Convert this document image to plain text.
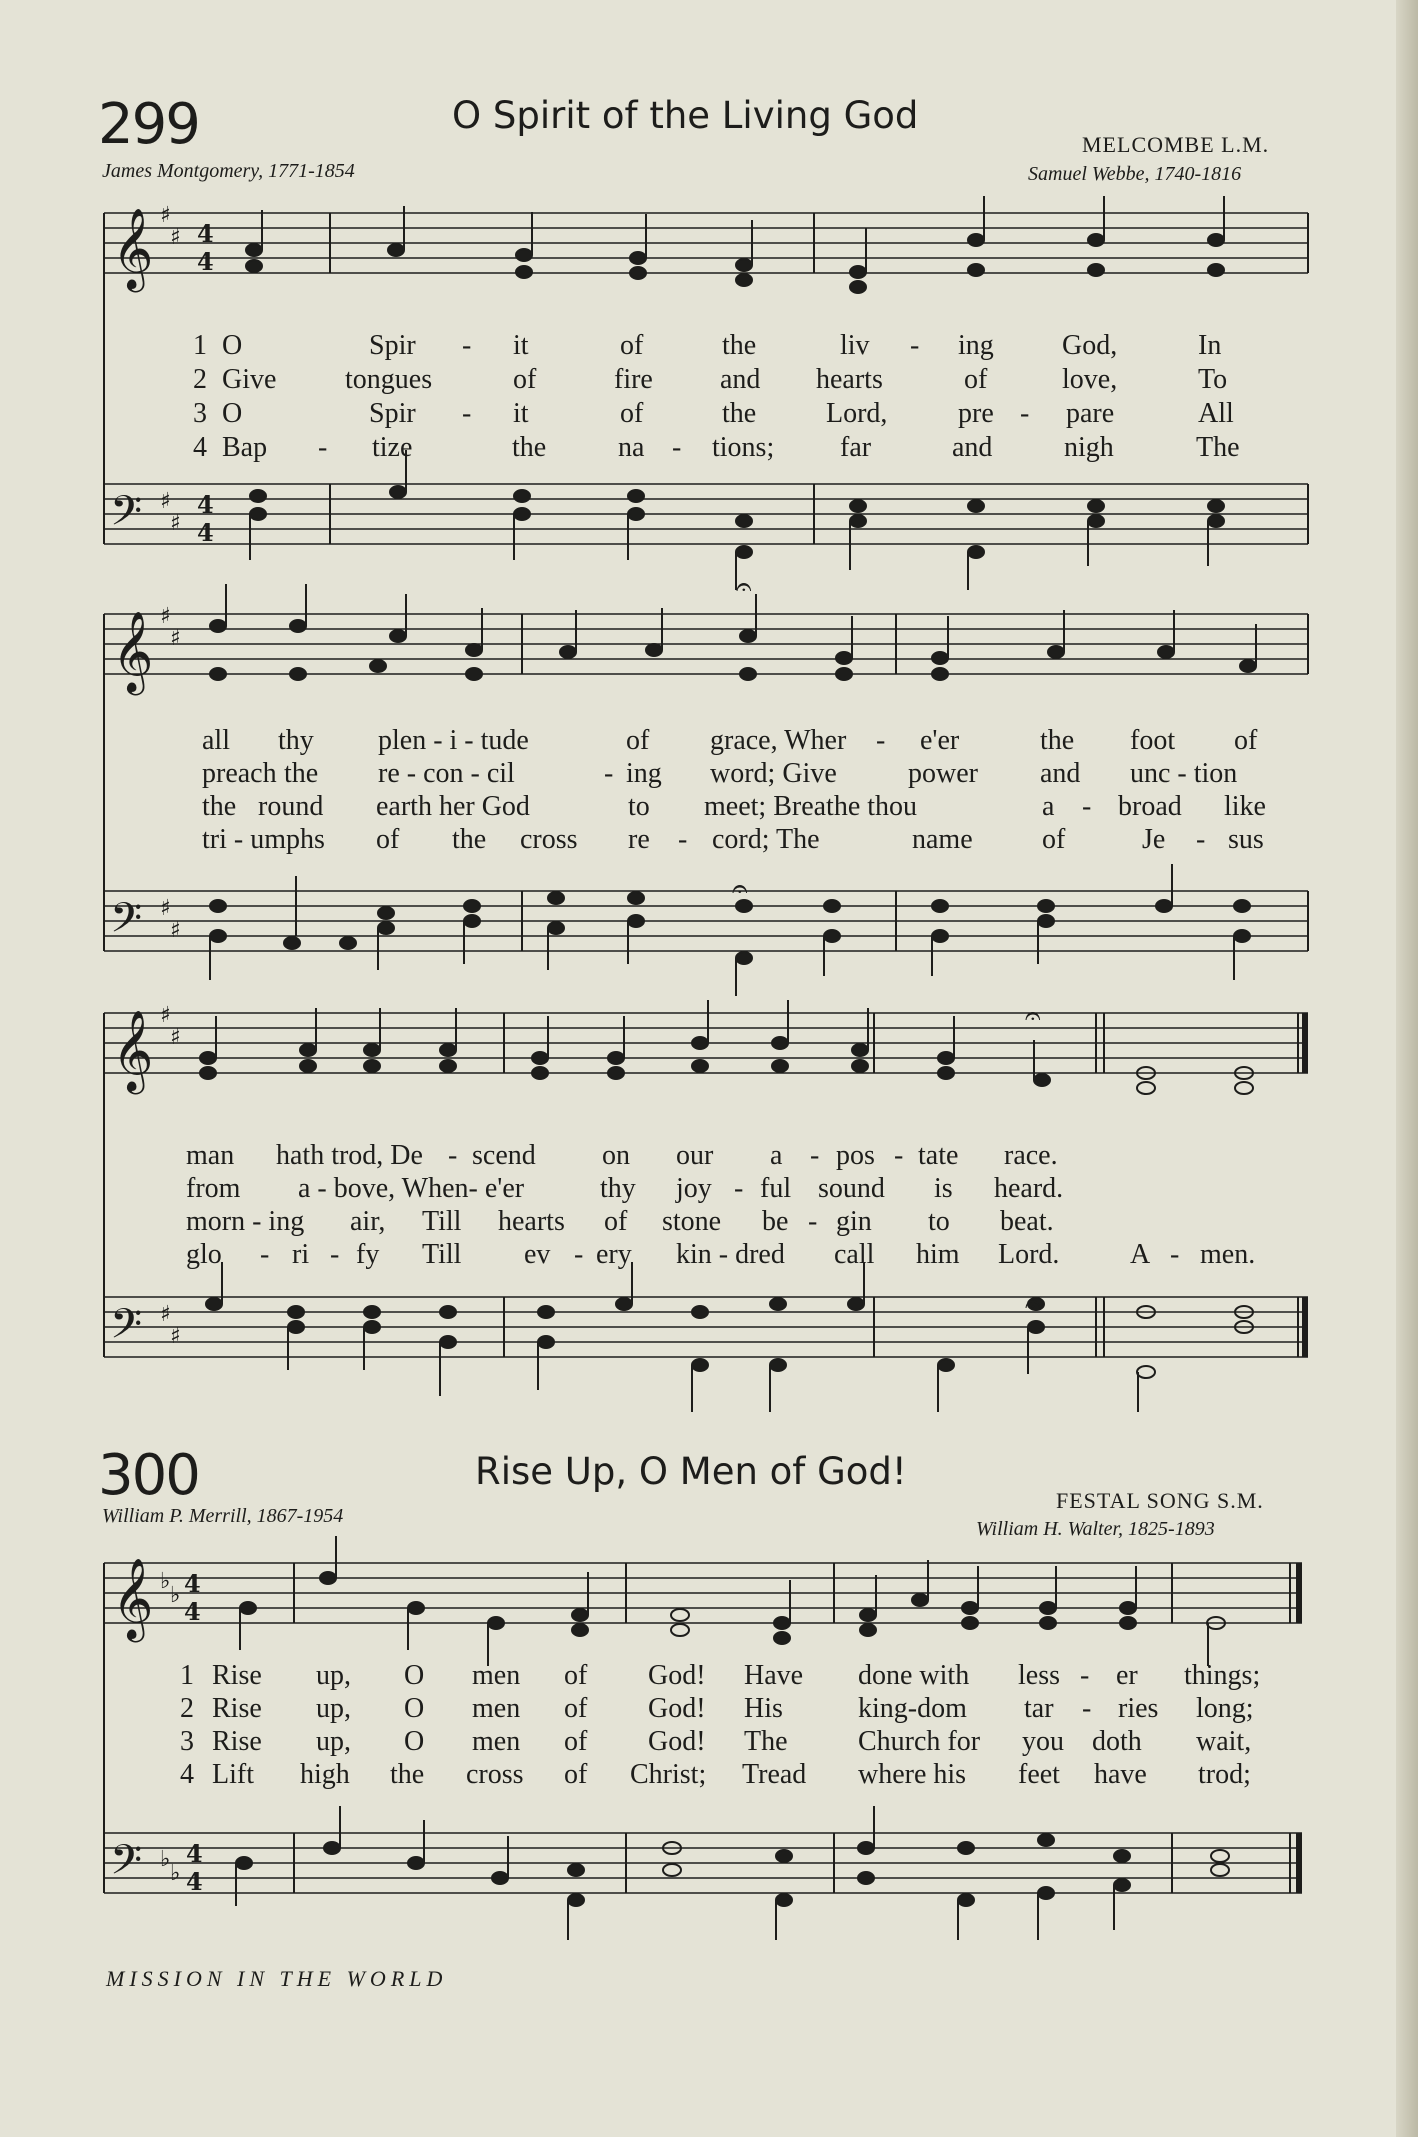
299	O Spirit of the Living God
MELCOMBE L.M.
James Montgomery, 1771-1854	Samuel Webbe, 1740-1816
300	Rise Up, O Men of God!
FESTAL SONG S.M.
William P. Merrill, 1867-1954
William H. Walter, 1825-1893
1 O	Spir - it	of	the	liv - ing God,	In
2 Give tongues	of	fire and hearts	of	love,	To
3 O	Spir - it	of	the Lord,	pre - pare	All
4 Bap - tize	the	na - tions; far	and	nigh	The
all thy plen - i - tude	of grace, Wher - e'er	the foot of
preach the re - con - cil	- ing word; Give	power and unc - tion
the round earth her God	to meet; Breathe thou	a - broad like
tri - umphs of the cross re - cord; The	name of	Je - sus
man hath trod, De - scend on our a - pos - tate race.
from a - bove, When- e'er	thy joy - ful sound is heard.
morn - ing air, Till hearts of stone be - gin to beat.
glo - ri - fy Till ev - ery kin - dred call him Lord.	A - men.
1 Rise up, O men of God! Have done with less - er things;
2 Rise up, O men of God! His	king-dom tar - ries long;
3 Rise up, O men of God! The	Church for you doth wait,
4 Lift high the cross of Christ; Tread where his feet have trod;
MISSION IN THE WORLD
𝄞
𝄞
𝄞
𝄞
𝄢
𝄢
𝄢
𝄢
♯
♯
♯
♯
♯
♯
♯
♯
♯
♯
♯
♯
♭
♭
♭
♭
4
4
4
4
4
4
4
4
𝄐
𝄐
𝄐
𝄐
